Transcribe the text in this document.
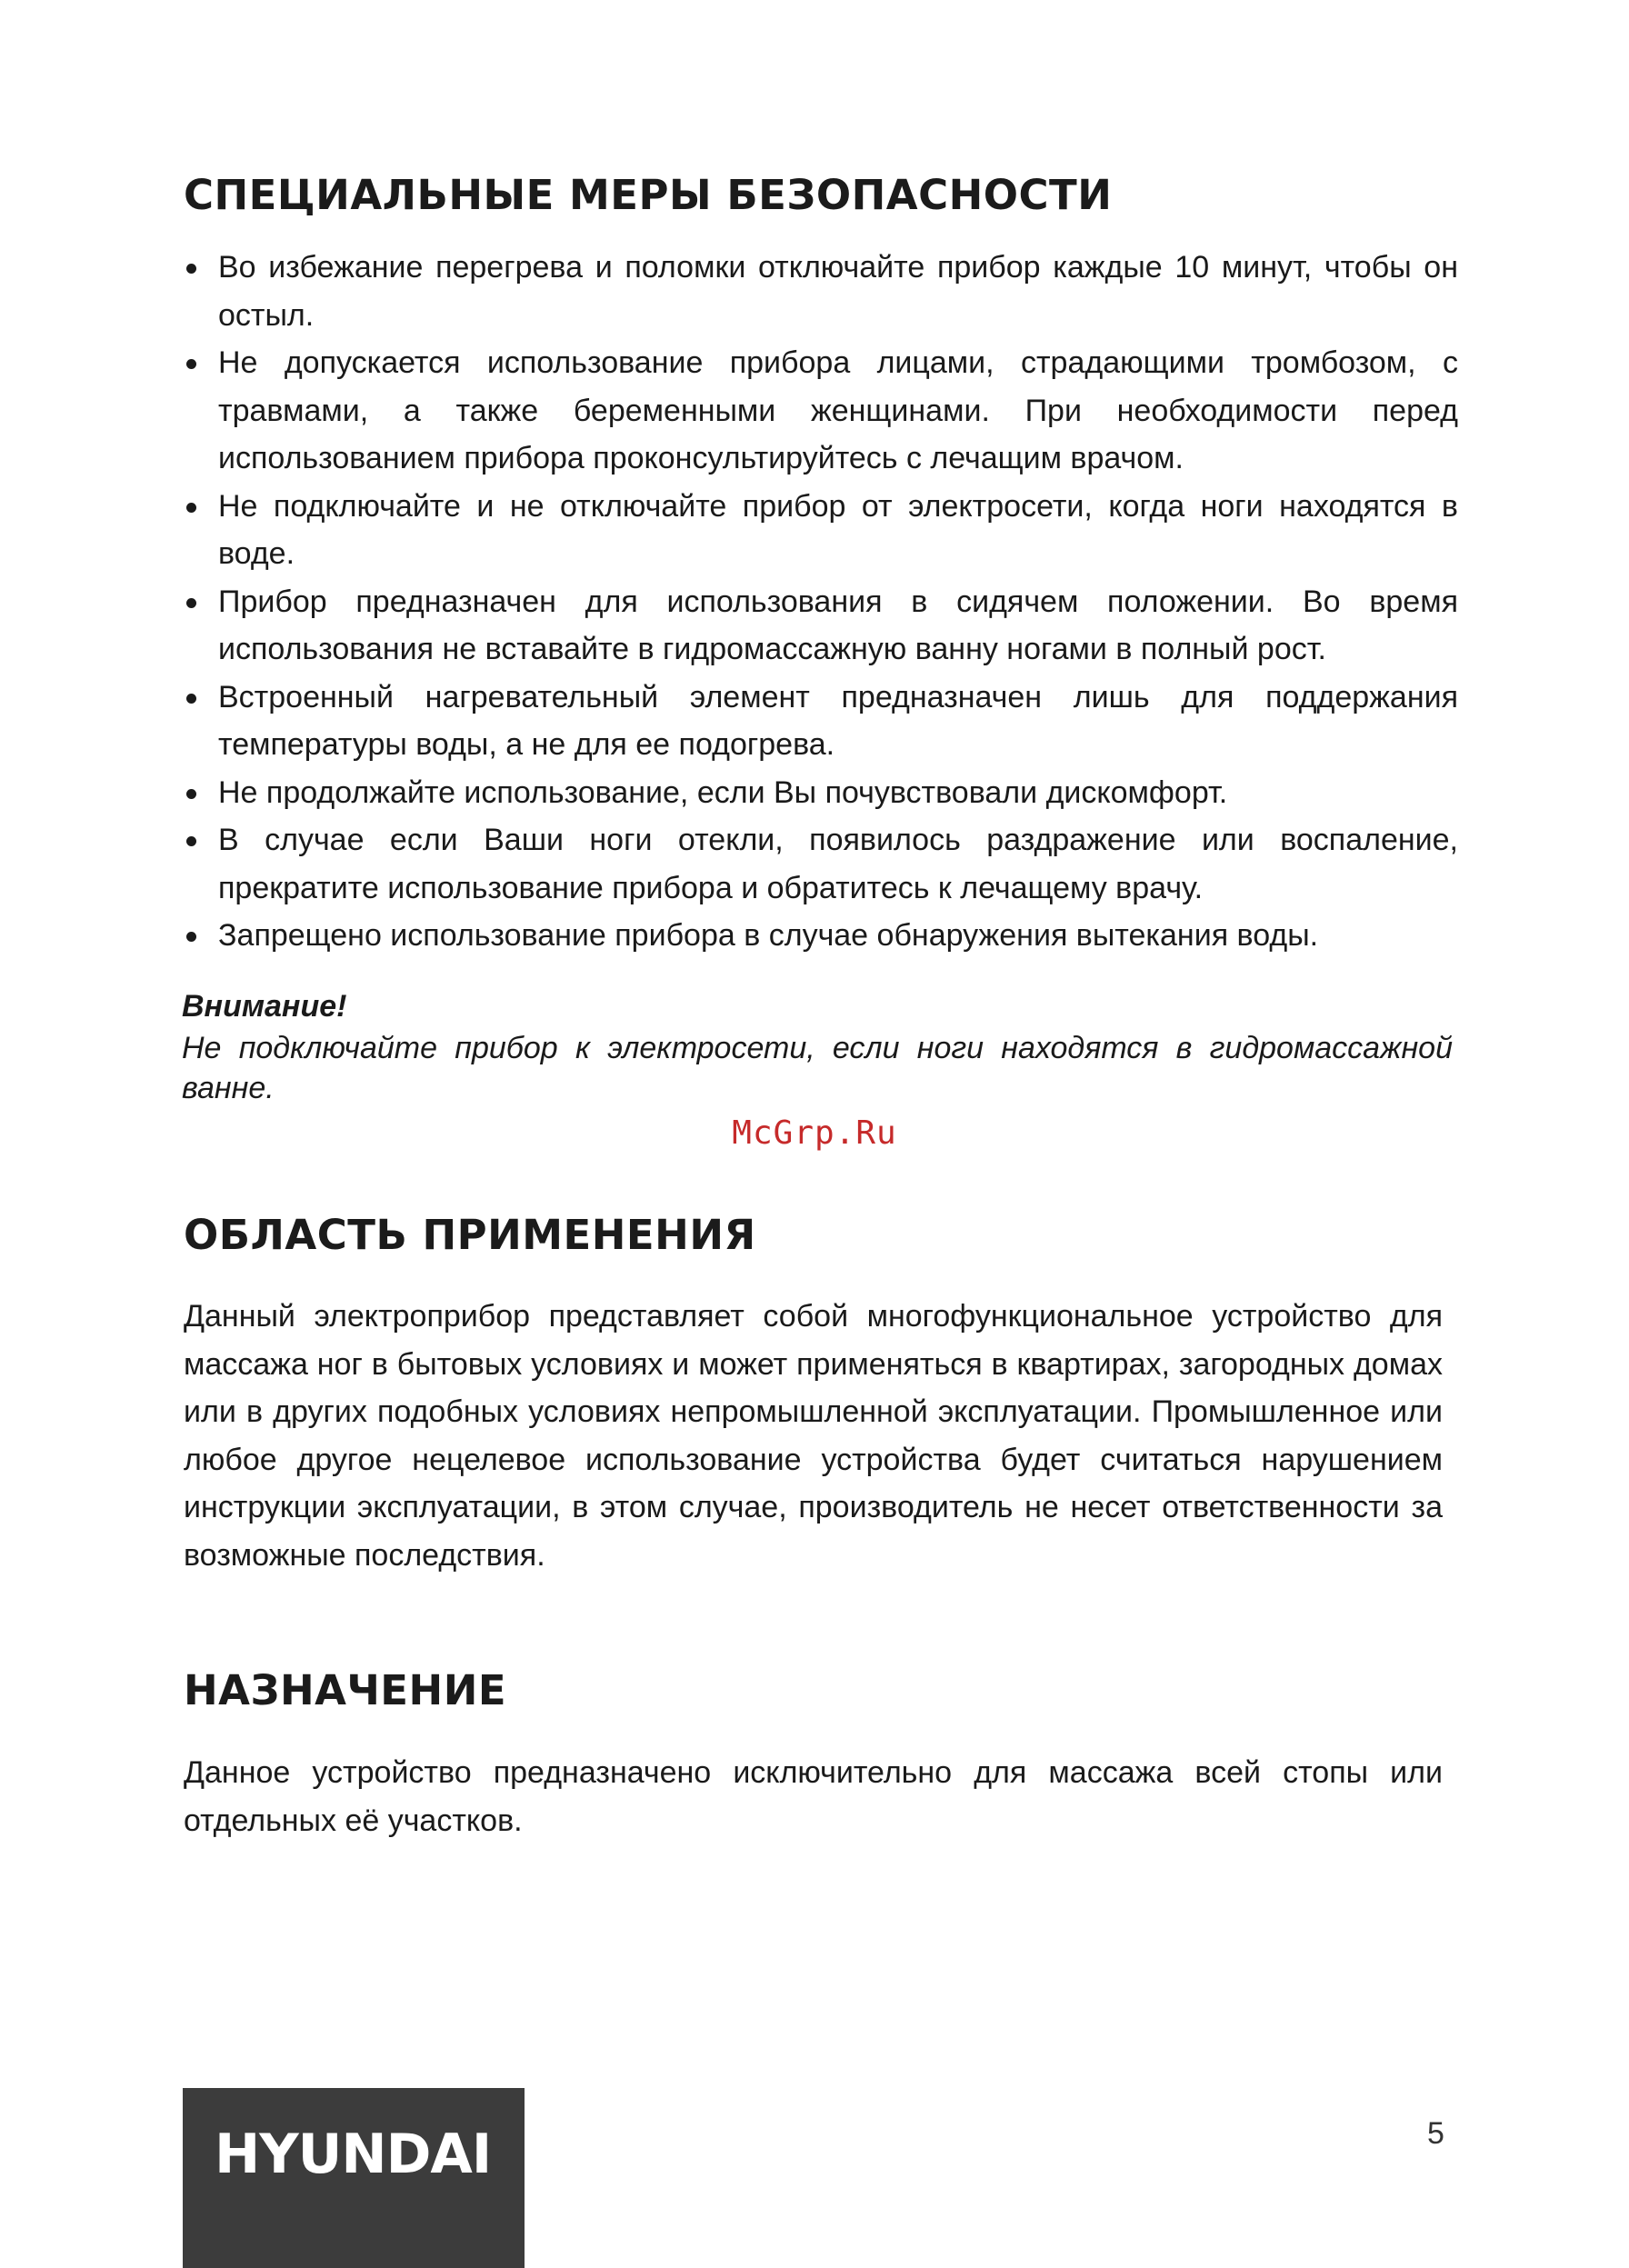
СПЕЦИАЛЬНЫЕ МЕРЫ БЕЗОПАСНОСТИ
Во избежание перегрева и поломки отключайте прибор каждые 10 минут, чтобы он остыл.
Не допускается использование прибора лицами, страдающими тромбозом, с травмами, а также беременными женщинами. При необходимости перед использованием прибора проконсультируйтесь с лечащим врачом.
Не подключайте и не отключайте прибор от электросети, когда ноги находятся в воде.
Прибор предназначен для использования в сидячем положении. Во время использования не вставайте в гидромассажную ванну ногами в полный рост.
Встроенный нагревательный элемент предназначен лишь для поддержания температуры воды, а не для ее подогрева.
Не продолжайте использование, если Вы почувствовали дискомфорт.
В случае если Ваши ноги отекли, появилось раздражение или воспаление, прекратите использование прибора и обратитесь к лечащему врачу.
Запрещено использование прибора в случае обнаружения вытекания воды.

Внимание!

Не подключайте прибор к электросети, если ноги находятся в гидромассажной ванне.

McGrp.Ru
ОБЛАСТЬ ПРИМЕНЕНИЯ

Данный электроприбор представляет собой многофункциональное устройство для массажа ног в бытовых условиях и может применяться в квартирах, загородных домах или в других подобных условиях непромышленной эксплуатации. Промышленное или любое другое нецелевое использование устройства будет считаться нарушением инструкции эксплуатации, в этом случае, производитель не несет ответственности за возможные последствия.

НАЗНАЧЕНИЕ

Данное устройство предназначено исключительно для массажа всей стопы или отдельных её участков.

HYUNDAI	5
